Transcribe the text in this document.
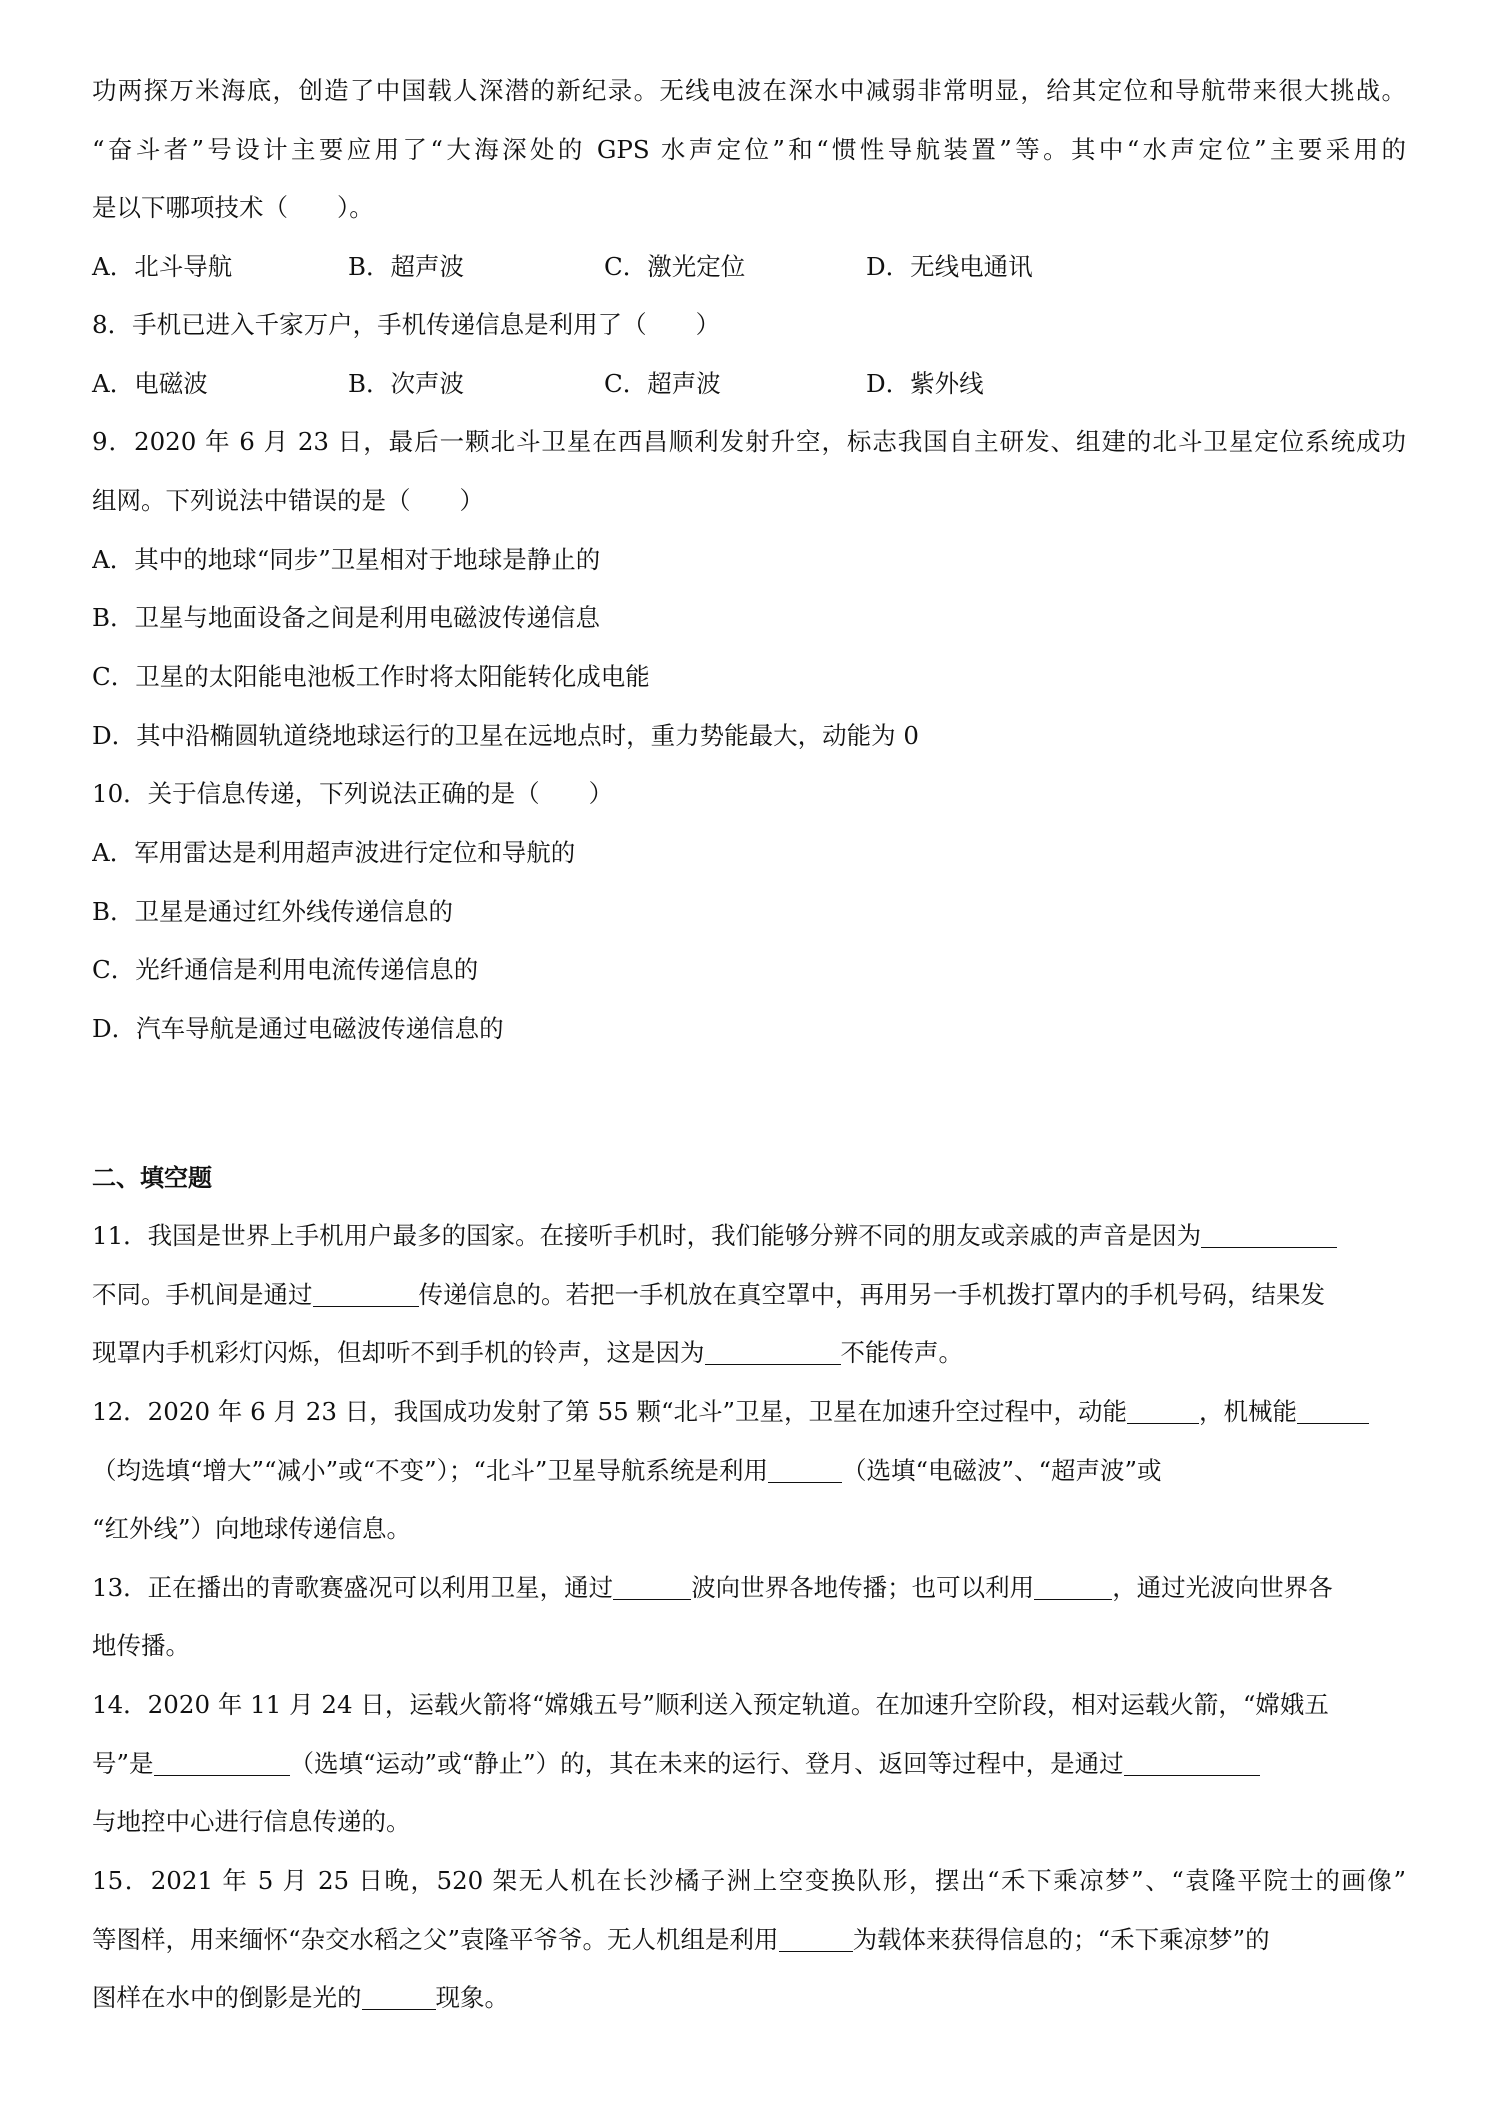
功两探万米海底，创造了中国载人深潜的新纪录。无线电波在深水中减弱非常明显，给其定位和导航带来很大挑战。
“奋斗者”号设计主要应用了“大海深处的 GPS 水声定位”和“惯性导航装置”等。其中“水声定位”主要采用的
是以下哪项技术（　　）。
A．北斗导航	B．超声波	C．激光定位	D．无线电通讯
8．手机已进入千家万户，手机传递信息是利用了（　　）
A．电磁波	B．次声波	C．超声波	D．紫外线
9．2020 年 6 月 23 日，最后一颗北斗卫星在西昌顺利发射升空，标志我国自主研发、组建的北斗卫星定位系统成功
组网。下列说法中错误的是（　　）
A．其中的地球“同步”卫星相对于地球是静止的
B．卫星与地面设备之间是利用电磁波传递信息
C．卫星的太阳能电池板工作时将太阳能转化成电能
D．其中沿椭圆轨道绕地球运行的卫星在远地点时，重力势能最大，动能为 0
10．关于信息传递，下列说法正确的是（　　）
A．军用雷达是利用超声波进行定位和导航的
B．卫星是通过红外线传递信息的
C．光纤通信是利用电流传递信息的
D．汽车导航是通过电磁波传递信息的
二、填空题
11．我国是世界上手机用户最多的国家。在接听手机时，我们能够分辨不同的朋友或亲戚的声音是因为
不同。手机间是通过	传递信息的。若把一手机放在真空罩中，再用另一手机拨打罩内的手机号码，结果发
现罩内手机彩灯闪烁，但却听不到手机的铃声，这是因为	不能传声。
12．2020 年 6 月 23 日，我国成功发射了第 55 颗“北斗”卫星，卫星在加速升空过程中，动能	，机械能
（均选填“增大”“减小”或“不变”）；“北斗”卫星导航系统是利用	（选填“电磁波”、“超声波”或
“红外线”）向地球传递信息。
13．正在播出的青歌赛盛况可以利用卫星，通过	波向世界各地传播；也可以利用	，通过光波向世界各
地传播。
14．2020 年 11 月 24 日，运载火箭将“嫦娥五号”顺利送入预定轨道。在加速升空阶段，相对运载火箭，“嫦娥五
号”是	（选填“运动”或“静止”）的，其在未来的运行、登月、返回等过程中，是通过
与地控中心进行信息传递的。
15．2021 年 5 月 25 日晚，520 架无人机在长沙橘子洲上空变换队形，摆出“禾下乘凉梦”、“袁隆平院士的画像”
等图样，用来缅怀“杂交水稻之父”袁隆平爷爷。无人机组是利用	为载体来获得信息的；“禾下乘凉梦”的
图样在水中的倒影是光的	现象。
